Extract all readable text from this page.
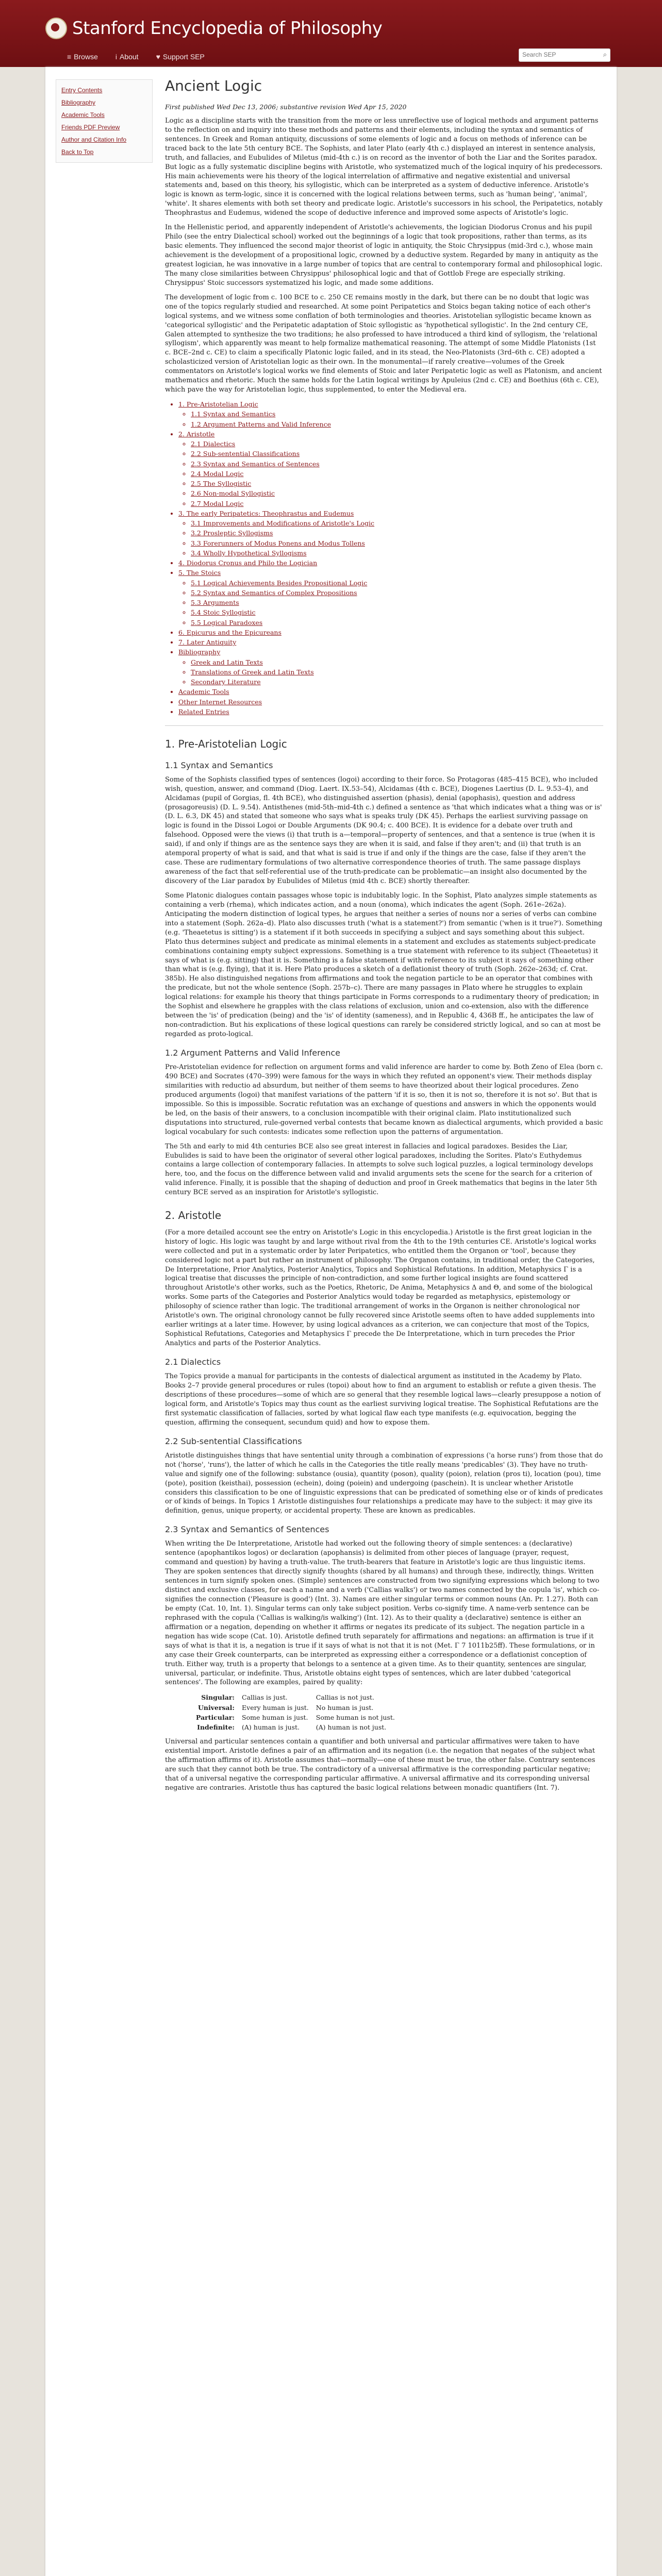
Stanford Encyclopedia of Philosophy
≡ Browse i About ♥ Support SEP
Search SEP	⌕
Entry Contents
Bibliography
Academic Tools
Friends PDF Preview
Author and Citation Info
Back to Top
Ancient Logic
First published Wed Dec 13, 2006; substantive revision Wed Apr 15, 2020

Logic as a discipline starts with the transition from the more or less unreflective use of logical methods and argument patterns to the reflection on and inquiry into these methods and patterns and their elements, including the syntax and semantics of sentences. In Greek and Roman antiquity, discussions of some elements of logic and a focus on methods of inference can be traced back to the late 5th century BCE. The Sophists, and later Plato (early 4th c.) displayed an interest in sentence analysis, truth, and fallacies, and Eubulides of Miletus (mid-4th c.) is on record as the inventor of both the Liar and the Sorites paradox. But logic as a fully systematic discipline begins with Aristotle, who systematized much of the logical inquiry of his predecessors. His main achievements were his theory of the logical interrelation of affirmative and negative existential and universal statements and, based on this theory, his syllogistic, which can be interpreted as a system of deductive inference. Aristotle's logic is known as term-logic, since it is concerned with the logical relations between terms, such as 'human being', 'animal', 'white'. It shares elements with both set theory and predicate logic. Aristotle's successors in his school, the Peripatetics, notably Theophrastus and Eudemus, widened the scope of deductive inference and improved some aspects of Aristotle's logic.

In the Hellenistic period, and apparently independent of Aristotle's achievements, the logician Diodorus Cronus and his pupil Philo (see the entry Dialectical school) worked out the beginnings of a logic that took propositions, rather than terms, as its basic elements. They influenced the second major theorist of logic in antiquity, the Stoic Chrysippus (mid-3rd c.), whose main achievement is the development of a propositional logic, crowned by a deductive system. Regarded by many in antiquity as the greatest logician, he was innovative in a large number of topics that are central to contemporary formal and philosophical logic. The many close similarities between Chrysippus' philosophical logic and that of Gottlob Frege are especially striking. Chrysippus' Stoic successors systematized his logic, and made some additions.

The development of logic from c. 100 BCE to c. 250 CE remains mostly in the dark, but there can be no doubt that logic was one of the topics regularly studied and researched. At some point Peripatetics and Stoics began taking notice of each other's logical systems, and we witness some conflation of both terminologies and theories. Aristotelian syllogistic became known as 'categorical syllogistic' and the Peripatetic adaptation of Stoic syllogistic as 'hypothetical syllogistic'. In the 2nd century CE, Galen attempted to synthesize the two traditions; he also professed to have introduced a third kind of syllogism, the 'relational syllogism', which apparently was meant to help formalize mathematical reasoning. The attempt of some Middle Platonists (1st c. BCE–2nd c. CE) to claim a specifically Platonic logic failed, and in its stead, the Neo-Platonists (3rd–6th c. CE) adopted a scholasticized version of Aristotelian logic as their own. In the monumental—if rarely creative—volumes of the Greek commentators on Aristotle's logical works we find elements of Stoic and later Peripatetic logic as well as Platonism, and ancient mathematics and rhetoric. Much the same holds for the Latin logical writings by Apuleius (2nd c. CE) and Boethius (6th c. CE), which pave the way for Aristotelian logic, thus supplemented, to enter the Medieval era.

• 1. Pre-Aristotelian Logic
◦ 1.1 Syntax and Semantics
◦ 1.2 Argument Patterns and Valid Inference
• 2. Aristotle
◦ 2.1 Dialectics
◦ 2.2 Sub-sentential Classifications
◦ 2.3 Syntax and Semantics of Sentences
◦ 2.4 Modal Logic
◦ 2.5 The Syllogistic
◦ 2.6 Non-modal Syllogistic
◦ 2.7 Modal Logic
• 3. The early Peripatetics: Theophrastus and Eudemus
◦ 3.1 Improvements and Modifications of Aristotle's Logic
◦ 3.2 Prosleptic Syllogisms
◦ 3.3 Forerunners of Modus Ponens and Modus Tollens
◦ 3.4 Wholly Hypothetical Syllogisms
• 4. Diodorus Cronus and Philo the Logician
• 5. The Stoics
◦ 5.1 Logical Achievements Besides Propositional Logic
◦ 5.2 Syntax and Semantics of Complex Propositions
◦ 5.3 Arguments
◦ 5.4 Stoic Syllogistic
◦ 5.5 Logical Paradoxes
• 6. Epicurus and the Epicureans
• 7. Later Antiquity
• Bibliography
◦ Greek and Latin Texts
◦ Translations of Greek and Latin Texts
◦ Secondary Literature
• Academic Tools
• Other Internet Resources
• Related Entries
1. Pre-Aristotelian Logic
1.1 Syntax and Semantics

Some of the Sophists classified types of sentences (logoi) according to their force. So Protagoras (485–415 BCE), who included wish, question, answer, and command (Diog. Laert. IX.53–54), Alcidamas (4th c. BCE), Diogenes Laertius (D. L. 9.53–4), and Alcidamas (pupil of Gorgias, fl. 4th BCE), who distinguished assertion (phasis), denial (apophasis), question and address (prosagoreusis) (D. L. 9.54). Antisthenes (mid-5th–mid-4th c.) defined a sentence as 'that which indicates what a thing was or is' (D. L. 6.3, DK 45) and stated that someone who says what is speaks truly (DK 45). Perhaps the earliest surviving passage on logic is found in the Dissoi Logoi or Double Arguments (DK 90.4; c. 400 BCE). It is evidence for a debate over truth and falsehood. Opposed were the views (i) that truth is a—temporal—property of sentences, and that a sentence is true (when it is said), if and only if things are as the sentence says they are when it is said, and false if they aren't; and (ii) that truth is an atemporal property of what is said, and that what is said is true if and only if the things are the case, false if they aren't the case. These are rudimentary formulations of two alternative correspondence theories of truth. The same passage displays awareness of the fact that self-referential use of the truth-predicate can be problematic—an insight also documented by the discovery of the Liar paradox by Eubulides of Miletus (mid 4th c. BCE) shortly thereafter.

Some Platonic dialogues contain passages whose topic is indubitably logic. In the Sophist, Plato analyzes simple statements as containing a verb (rhema), which indicates action, and a noun (onoma), which indicates the agent (Soph. 261e–262a). Anticipating the modern distinction of logical types, he argues that neither a series of nouns nor a series of verbs can combine into a statement (Soph. 262a–d). Plato also discusses truth ('what is a statement?') from semantic ('when is it true?'). Something (e.g. 'Theaetetus is sitting') is a statement if it both succeeds in specifying a subject and says something about this subject. Plato thus determines subject and predicate as minimal elements in a statement and excludes as statements subject-predicate combinations containing empty subject expressions. Something is a true statement with reference to its subject (Theaetetus) it says of what is (e.g. sitting) that it is. Something is a false statement if with reference to its subject it says of something other than what is (e.g. flying), that it is. Here Plato produces a sketch of a deflationist theory of truth (Soph. 262e–263d; cf. Crat. 385b). He also distinguished negations from affirmations and took the negation particle to be an operator that combines with the predicate, but not the whole sentence (Soph. 257b–c). There are many passages in Plato where he struggles to explain logical relations: for example his theory that things participate in Forms corresponds to a rudimentary theory of predication; in the Sophist and elsewhere he grapples with the class relations of exclusion, union and co-extension, also with the difference between the 'is' of predication (being) and the 'is' of identity (sameness), and in Republic 4, 436B ff., he anticipates the law of non-contradiction. But his explications of these logical questions can rarely be considered strictly logical, and so can at most be regarded as proto-logical.

1.2 Argument Patterns and Valid Inference

Pre-Aristotelian evidence for reflection on argument forms and valid inference are harder to come by. Both Zeno of Elea (born c. 490 BCE) and Socrates (470–399) were famous for the ways in which they refuted an opponent's view. Their methods display similarities with reductio ad absurdum, but neither of them seems to have theorized about their logical procedures. Zeno produced arguments (logoi) that manifest variations of the pattern 'if it is so, then it is not so, therefore it is not so'. But that is impossible. So this is impossible. Socratic refutation was an exchange of questions and answers in which the opponents would be led, on the basis of their answers, to a conclusion incompatible with their original claim. Plato institutionalized such disputations into structured, rule-governed verbal contests that became known as dialectical arguments, which provided a basic logical vocabulary for such contests: indicates some reflection upon the patterns of argumentation.

The 5th and early to mid 4th centuries BCE also see great interest in fallacies and logical paradoxes. Besides the Liar, Eubulides is said to have been the originator of several other logical paradoxes, including the Sorites. Plato's Euthydemus contains a large collection of contemporary fallacies. In attempts to solve such logical puzzles, a logical terminology develops here, too, and the focus on the difference between valid and invalid arguments sets the scene for the search for a criterion of valid inference. Finally, it is possible that the shaping of deduction and proof in Greek mathematics that begins in the later 5th century BCE served as an inspiration for Aristotle's syllogistic.

2. Aristotle

(For a more detailed account see the entry on Aristotle's Logic in this encyclopedia.) Aristotle is the first great logician in the history of logic. His logic was taught by and large without rival from the 4th to the 19th centuries CE. Aristotle's logical works were collected and put in a systematic order by later Peripatetics, who entitled them the Organon or 'tool', because they considered logic not a part but rather an instrument of philosophy. The Organon contains, in traditional order, the Categories, De Interpretatione, Prior Analytics, Posterior Analytics, Topics and Sophistical Refutations. In addition, Metaphysics Γ is a logical treatise that discusses the principle of non-contradiction, and some further logical insights are found scattered throughout Aristotle's other works, such as the Poetics, Rhetoric, De Anima, Metaphysics Δ and Θ, and some of the biological works. Some parts of the Categories and Posterior Analytics would today be regarded as metaphysics, epistemology or philosophy of science rather than logic. The traditional arrangement of works in the Organon is neither chronological nor Aristotle's own. The original chronology cannot be fully recovered since Aristotle seems often to have added supplements into earlier writings at a later time. However, by using logical advances as a criterion, we can conjecture that most of the Topics, Sophistical Refutations, Categories and Metaphysics Γ precede the De Interpretatione, which in turn precedes the Prior Analytics and parts of the Posterior Analytics.

2.1 Dialectics

The Topics provide a manual for participants in the contests of dialectical argument as instituted in the Academy by Plato. Books 2–7 provide general procedures or rules (topoi) about how to find an argument to establish or refute a given thesis. The descriptions of these procedures—some of which are so general that they resemble logical laws—clearly presuppose a notion of logical form, and Aristotle's Topics may thus count as the earliest surviving logical treatise. The Sophistical Refutations are the first systematic classification of fallacies, sorted by what logical flaw each type manifests (e.g. equivocation, begging the question, affirming the consequent, secundum quid) and how to expose them.

2.2 Sub-sentential Classifications

Aristotle distinguishes things that have sentential unity through a combination of expressions ('a horse runs') from those that do not ('horse', 'runs'), the latter of which he calls in the Categories the title really means 'predicables' (3). They have no truth-value and signify one of the following: substance (ousia), quantity (poson), quality (poion), relation (pros ti), location (pou), time (pote), position (keisthai), possession (echein), doing (poiein) and undergoing (paschein). It is unclear whether Aristotle considers this classification to be one of linguistic expressions that can be predicated of something else or of kinds of predicates or of kinds of beings. In Topics 1 Aristotle distinguishes four relationships a predicate may have to the subject: it may give its definition, genus, unique property, or accidental property. These are known as predicables.

2.3 Syntax and Semantics of Sentences

When writing the De Interpretatione, Aristotle had worked out the following theory of simple sentences: a (declarative) sentence (apophantikos logos) or declaration (apophansis) is delimited from other pieces of language (prayer, request, command and question) by having a truth-value. The truth-bearers that feature in Aristotle's logic are thus linguistic items. They are spoken sentences that directly signify thoughts (shared by all humans) and through these, indirectly, things. Written sentences in turn signify spoken ones. (Simple) sentences are constructed from two signifying expressions which belong to two distinct and exclusive classes, for each a name and a verb ('Callias walks') or two names connected by the copula 'is', which co-signifies the connection ('Pleasure is good') (Int. 3). Names are either singular terms or common nouns (An. Pr. 1.27). Both can be empty (Cat. 10, Int. 1). Singular terms can only take subject position. Verbs co-signify time. A name-verb sentence can be rephrased with the copula ('Callias is walking/is walking') (Int. 12). As to their quality a (declarative) sentence is either an affirmation or a negation, depending on whether it affirms or negates its predicate of its subject. The negation particle in a negation has wide scope (Cat. 10). Aristotle defined truth separately for affirmations and negations: an affirmation is true if it says of what is that it is, a negation is true if it says of what is not that it is not (Met. Γ 7 1011b25ff). These formulations, or in any case their Greek counterparts, can be interpreted as expressing either a correspondence or a deflationist conception of truth. Either way, truth is a property that belongs to a sentence at a given time. As to their quantity, sentences are singular, universal, particular, or indefinite. Thus, Aristotle obtains eight types of sentences, which are later dubbed 'categorical sentences'. The following are examples, paired by quality:

Singular:	Callias is just.	Callias is not just.
Universal:	Every human is just.	No human is just.
Particular:	Some human is just.	Some human is not just.
Indefinite:	(A) human is just.	(A) human is not just.

Universal and particular sentences contain a quantifier and both universal and particular affirmatives were taken to have existential import. Aristotle defines a pair of an affirmation and its negation (i.e. the negation that negates of the subject what the affirmation affirms of it). Aristotle assumes that—normally—one of these must be true, the other false. Contrary sentences are such that they cannot both be true. The contradictory of a universal affirmative is the corresponding particular negative; that of a universal negative the corresponding particular affirmative. A universal affirmative and its corresponding universal negative are contraries. Aristotle thus has captured the basic logical relations between monadic quantifiers (Int. 7).
